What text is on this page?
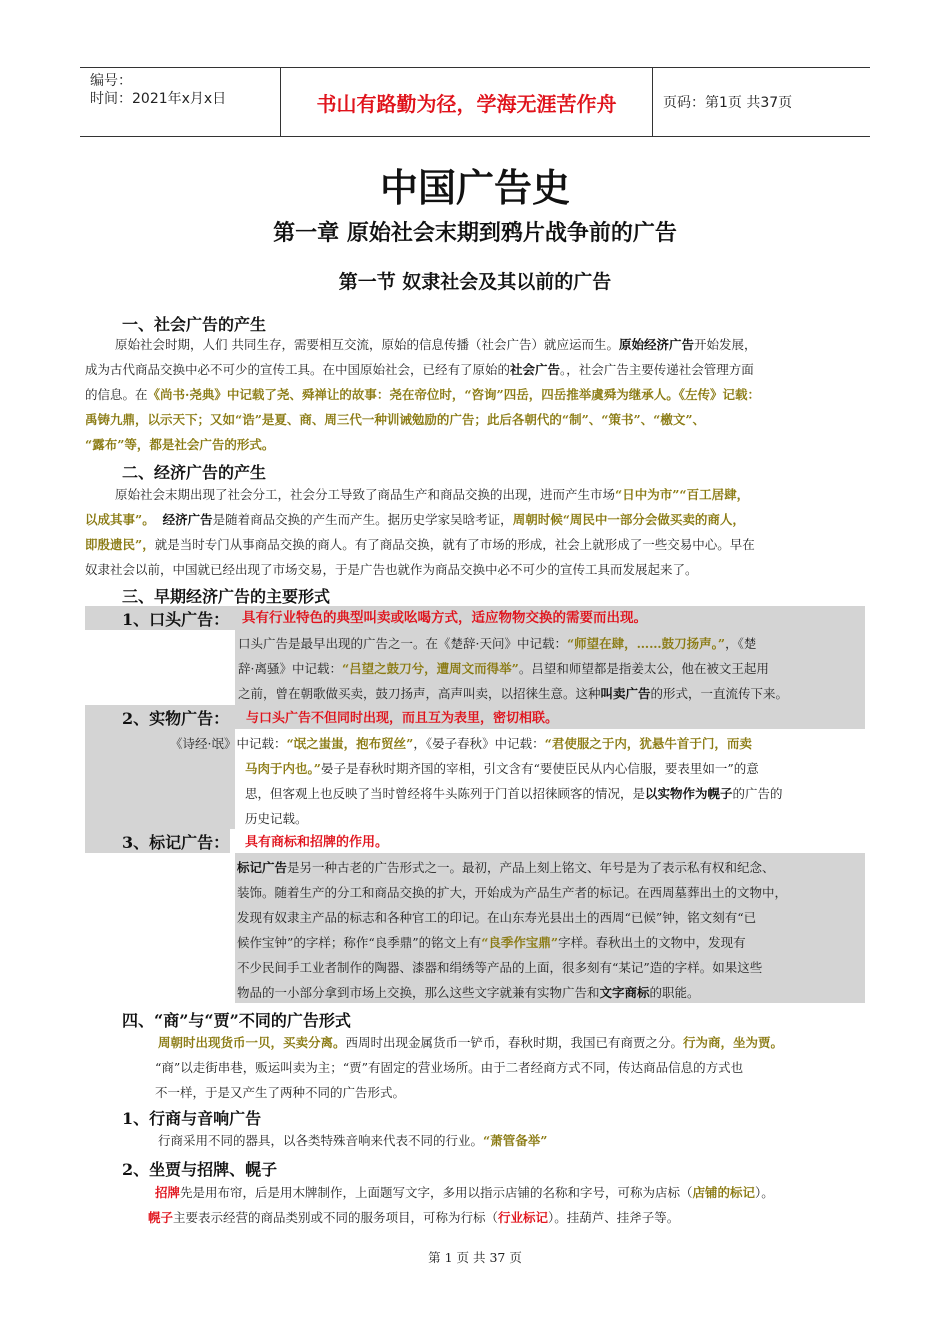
编号：
时间：2021年x月x日	书山有路勤为径，学海无涯苦作舟	页码：第1页 共37页
中国广告史
第一章 原始社会末期到鸦片战争前的广告
第一节 奴隶社会及其以前的广告
一、社会广告的产生

原始社会时期，人们 共同生存，需要相互交流，原始的信息传播（社会广告）就应运而生。原始经济广告开始发展，

成为古代商品交换中必不可少的宣传工具。在中国原始社会，已经有了原始的社会广告。，社会广告主要传递社会管理方面

的信息。在《尚书·尧典》中记载了尧、舜禅让的故事：尧在帝位时，“咨询”四岳，四岳推举虞舜为继承人。《左传》记载：

禹铸九鼎，以示天下；又如“诰”是夏、商、周三代一种训诫勉励的广告；此后各朝代的“制”、“策书”、“檄文”、

“露布”等，都是社会广告的形式。

二、经济广告的产生

原始社会末期出现了社会分工，社会分工导致了商品生产和商品交换的出现，进而产生市场“日中为市”“百工居肆，

以成其事”。 经济广告是随着商品交换的产生而产生。据历史学家吴晗考证，周朝时候“周民中一部分会做买卖的商人，

即殷遗民”，就是当时专门从事商品交换的商人。有了商品交换，就有了市场的形成，社会上就形成了一些交易中心。早在

奴隶社会以前，中国就已经出现了市场交易，于是广告也就作为商品交换中必不可少的宣传工具而发展起来了。

三、早期经济广告的主要形式
1、口头广告： 具有行业特色的典型叫卖或吆喝方式，适应物物交换的需要而出现。

口头广告是最早出现的广告之一。在《楚辞·天问》中记载：“师望在肆，……鼓刀扬声。”，《楚

辞·离骚》中记载：“吕望之鼓刀兮，遭周文而得举”。吕望和师望都是指姜太公，他在被文王起用

之前，曾在朝歌做买卖，鼓刀扬声，高声叫卖，以招徕生意。这种叫卖广告的形式，一直流传下来。

2、实物广告： 与口头广告不但同时出现，而且互为表里，密切相联。

《诗经·氓》中记载：“氓之蚩蚩，抱布贸丝”，《晏子春秋》中记载：“君使服之于内，犹悬牛首于门，而卖

马肉于内也。”晏子是春秋时期齐国的宰相，引文含有“要使臣民从内心信服，要表里如一”的意

思，但客观上也反映了当时曾经将牛头陈列于门首以招徕顾客的情况，是以实物作为幌子的广告的

历史记载。

3、标记广告： 具有商标和招牌的作用。

标记广告是另一种古老的广告形式之一。最初，产品上刻上铭文、年号是为了表示私有权和纪念、

装饰。随着生产的分工和商品交换的扩大，开始成为产品生产者的标记。在西周墓葬出土的文物中，

发现有奴隶主产品的标志和各种官工的印记。在山东寿光县出土的西周“已候”钟，铭文刻有“已

候作宝钟”的字样；称作“良季鼎”的铭文上有“良季作宝鼎”字样。春秋出土的文物中，发现有

不少民间手工业者制作的陶器、漆器和绢绣等产品的上面，很多刻有“某记”造的字样。如果这些

物品的一小部分拿到市场上交换，那么这些文字就兼有实物广告和文字商标的职能。

四、“商”与“贾”不同的广告形式

周朝时出现货币一贝，买卖分离。西周时出现金属货币一铲币，春秋时期，我国已有商贾之分。行为商，坐为贾。

“商”以走街串巷，贩运叫卖为主；“贾”有固定的营业场所。由于二者经商方式不同，传达商品信息的方式也

不一样，于是又产生了两种不同的广告形式。

1、行商与音响广告

行商采用不同的器具，以各类特殊音响来代表不同的行业。“萧管备举”

2、坐贾与招牌、幌子

招牌先是用布帘，后是用木牌制作，上面题写文字，多用以指示店铺的名称和字号，可称为店标（店铺的标记）。

幌子主要表示经营的商品类别或不同的服务项目，可称为行标（行业标记）。挂葫芦、挂斧子等。

第 1 页 共 37 页
